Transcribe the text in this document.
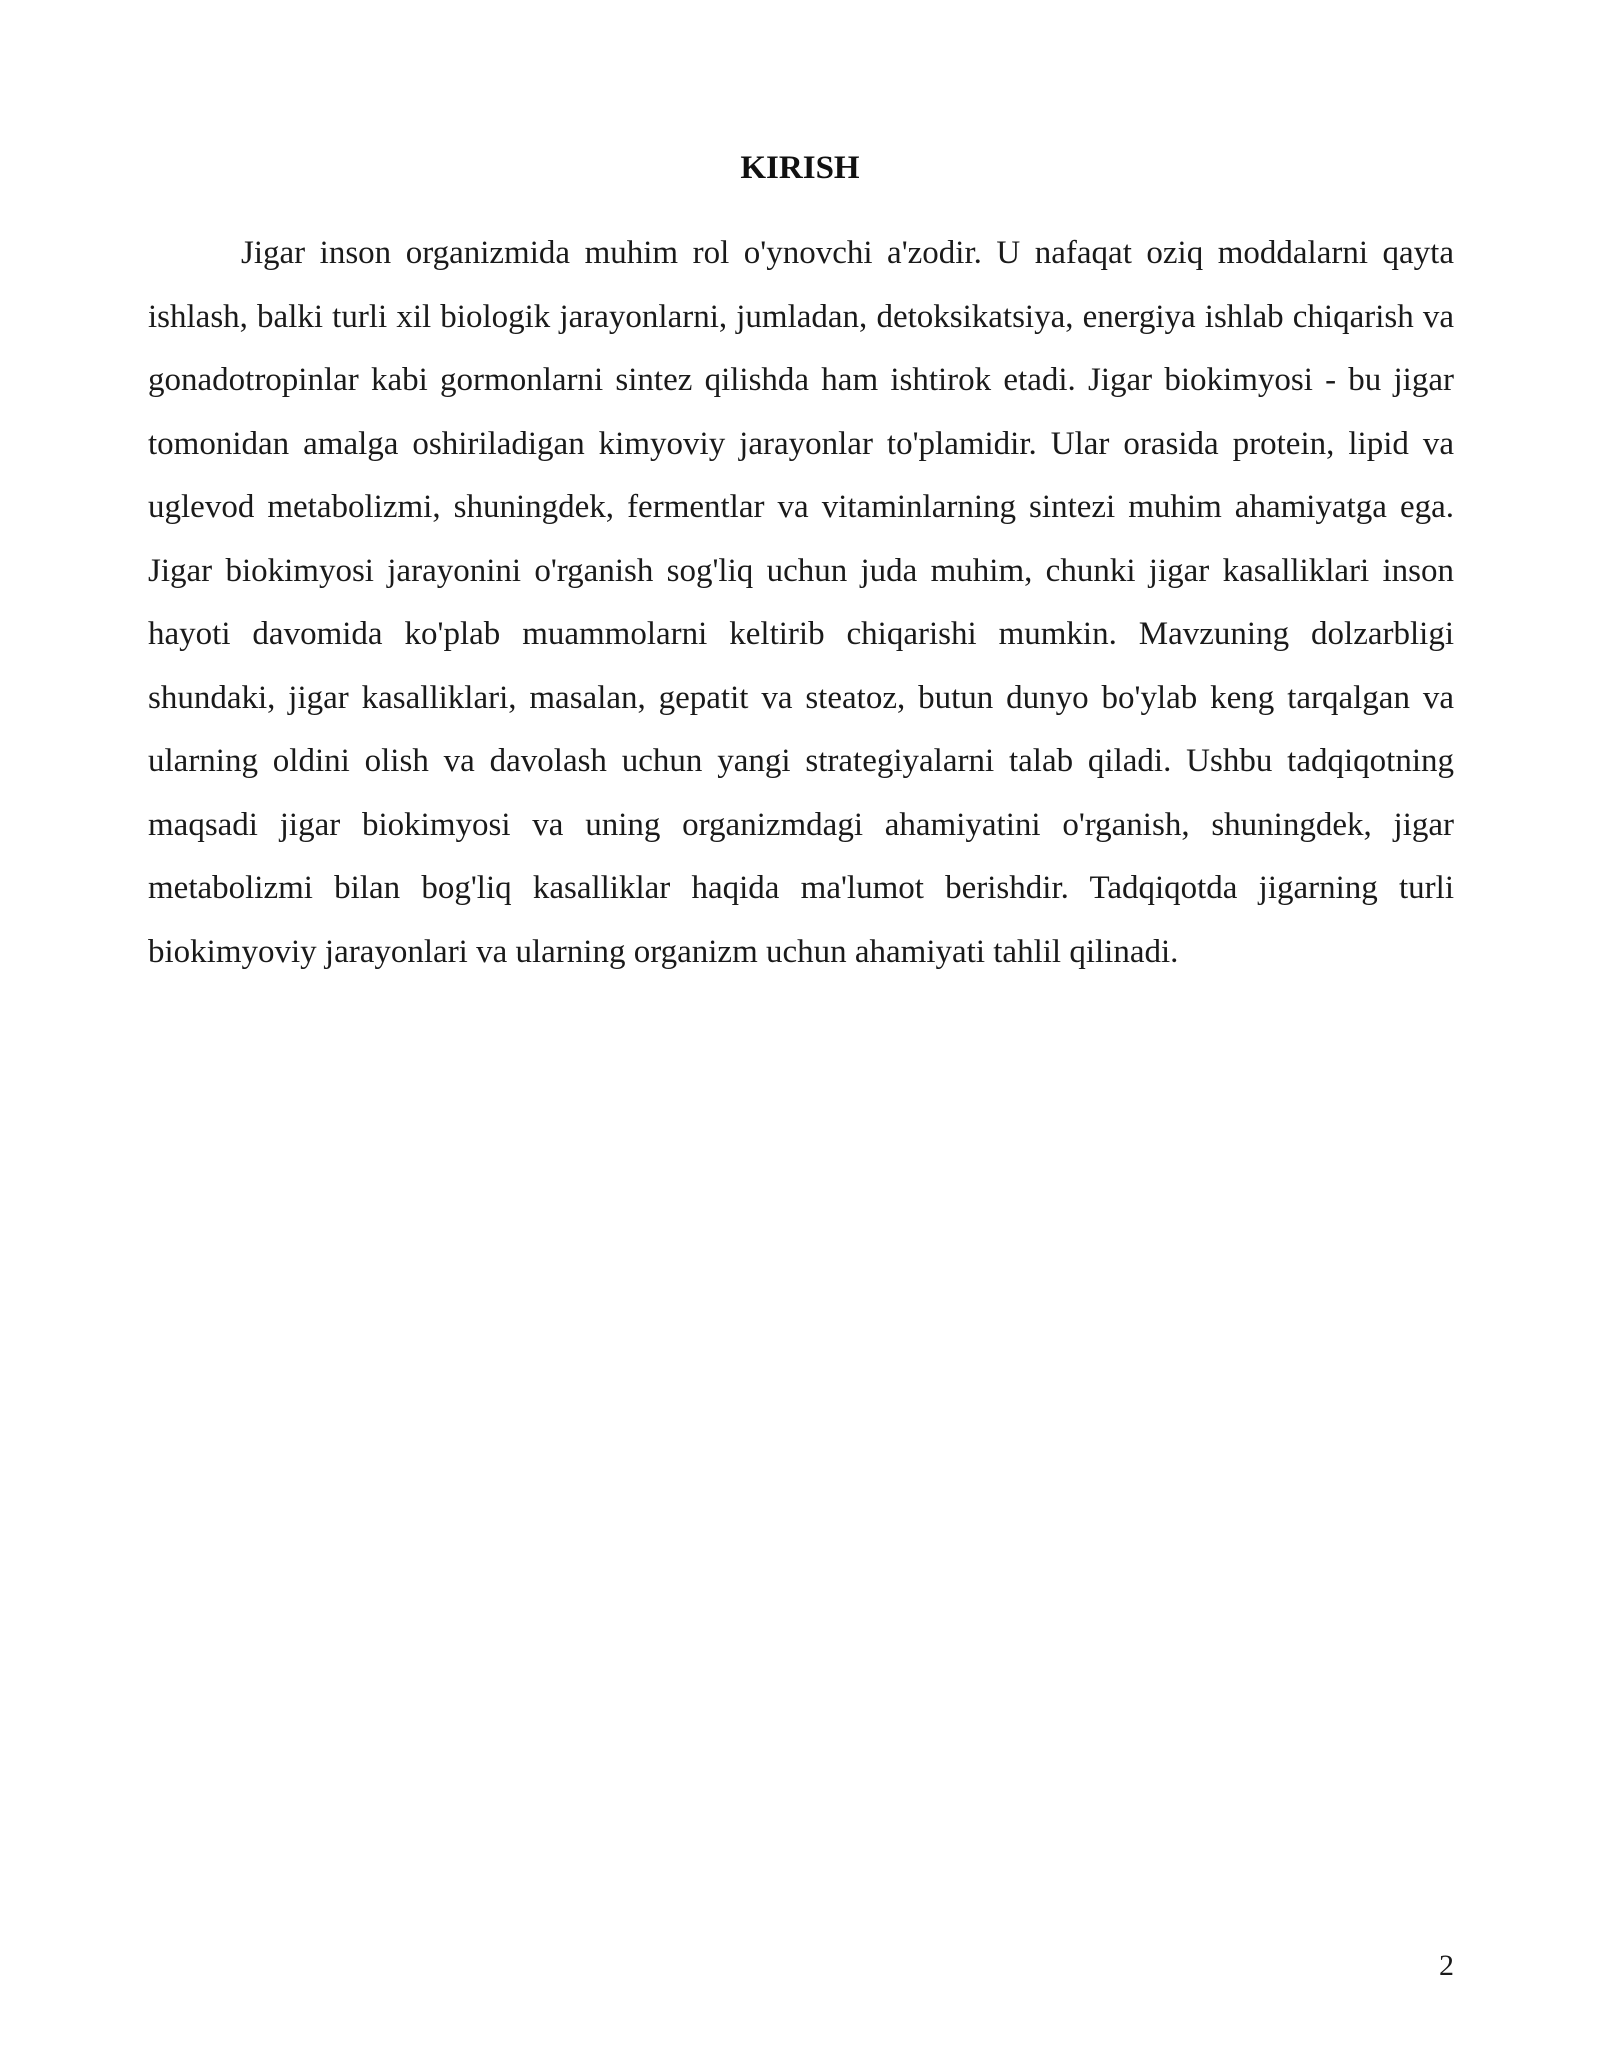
KIRISH

Jigar inson organizmida muhim rol o'ynovchi a'zodir. U nafaqat oziq moddalarni qayta ishlash, balki turli xil biologik jarayonlarni, jumladan, detoksikatsiya, energiya ishlab chiqarish va gonadotropinlar kabi gormonlarni sintez qilishda ham ishtirok etadi. Jigar biokimyosi - bu jigar tomonidan amalga oshiriladigan kimyoviy jarayonlar to'plamidir. Ular orasida protein, lipid va uglevod metabolizmi, shuningdek, fermentlar va vitaminlarning sintezi muhim ahamiyatga ega. Jigar biokimyosi jarayonini o'rganish sog'liq uchun juda muhim, chunki jigar kasalliklari inson hayoti davomida ko'plab muammolarni keltirib chiqarishi mumkin. Mavzuning dolzarbligi shundaki, jigar kasalliklari, masalan, gepatit va steatoz, butun dunyo bo'ylab keng tarqalgan va ularning oldini olish va davolash uchun yangi strategiyalarni talab qiladi. Ushbu tadqiqotning maqsadi jigar biokimyosi va uning organizmdagi ahamiyatini o'rganish, shuningdek, jigar metabolizmi bilan bog'liq kasalliklar haqida ma'lumot berishdir. Tadqiqotda jigarning turli biokimyoviy jarayonlari va ularning organizm uchun ahamiyati tahlil qilinadi.

2
